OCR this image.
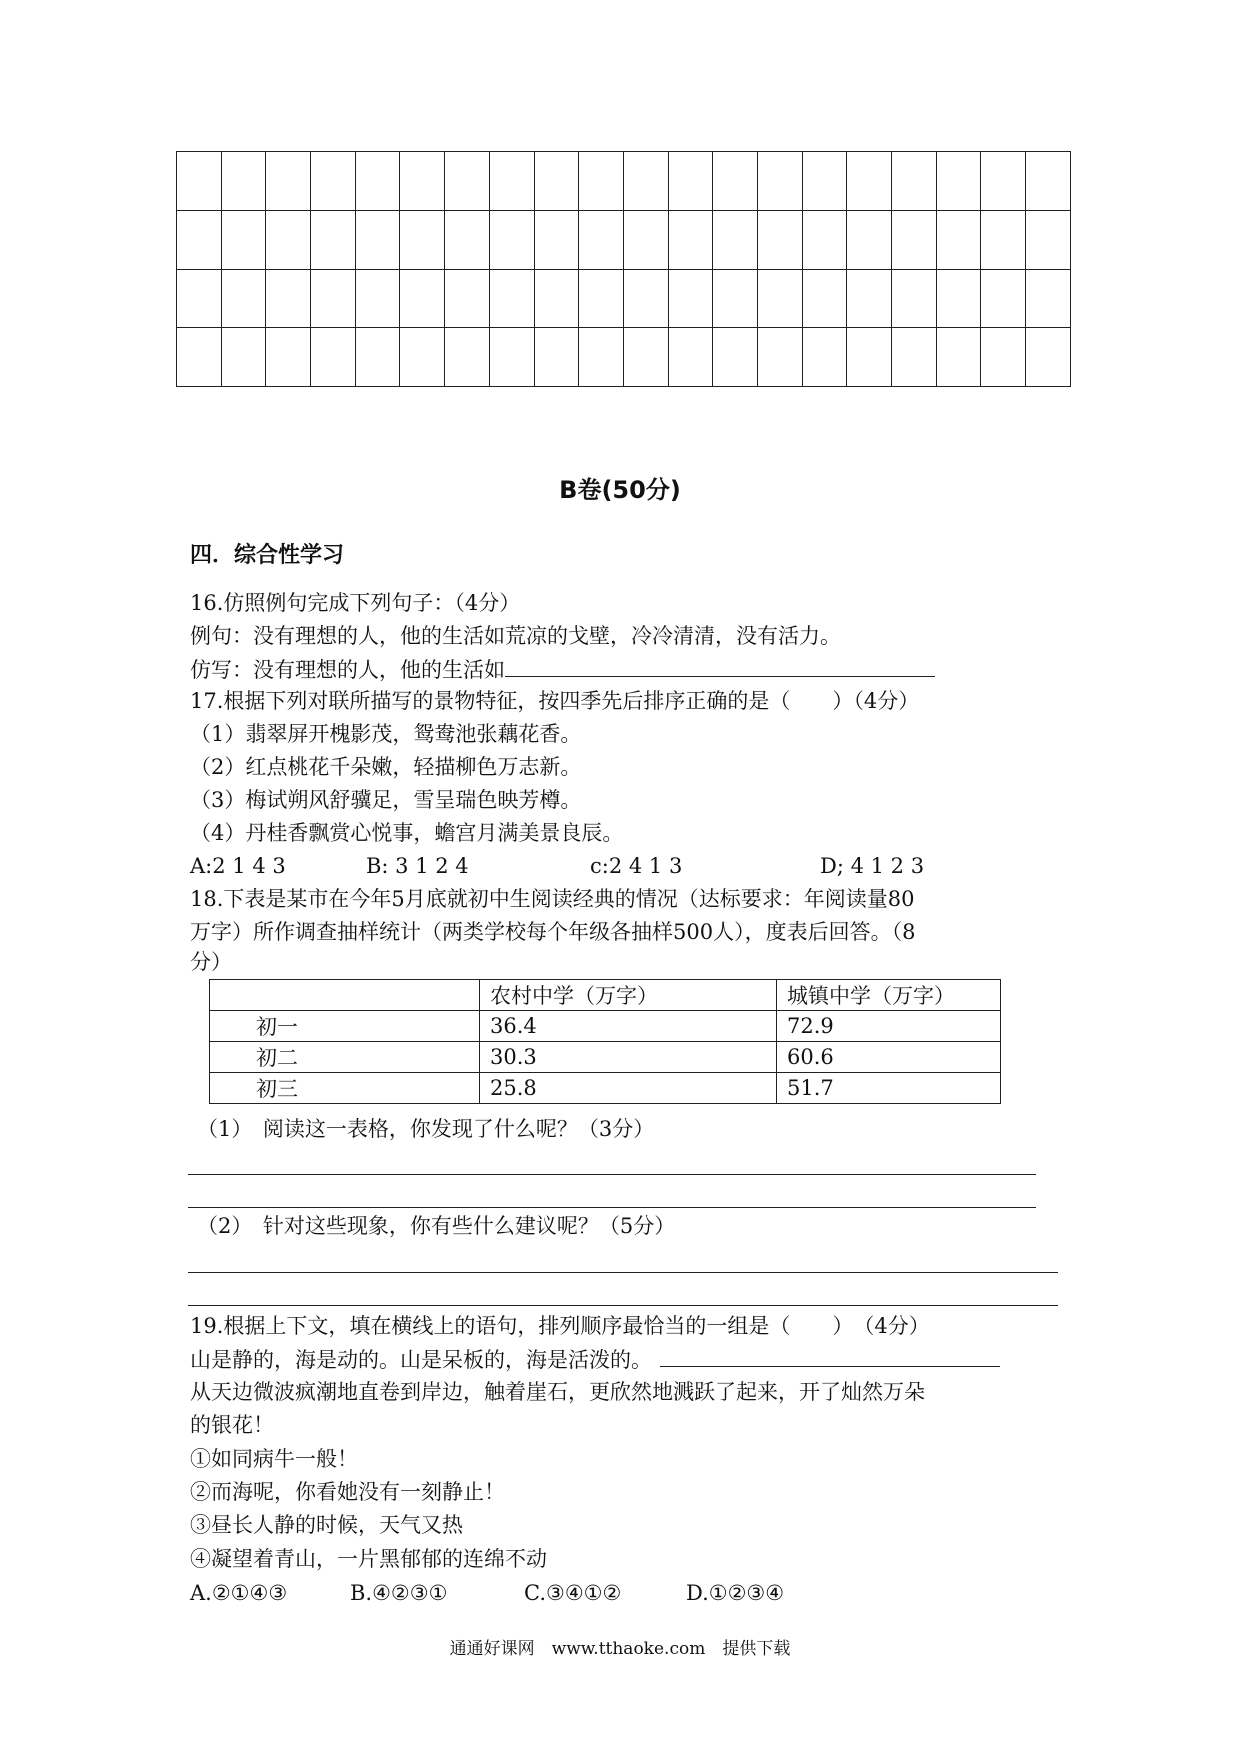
B卷(50分)
四．综合性学习
16.仿照例句完成下列句子：（4分）
例句：没有理想的人，他的生活如荒凉的戈壁，冷冷清清，没有活力。
仿写：没有理想的人，他的生活如
17.根据下列对联所描写的景物特征，按四季先后排序正确的是（　　）（4分）
（1）翡翠屏开槐影茂，鸳鸯池张藕花香。
（2）红点桃花千朵嫩，轻描柳色万志新。
（3）梅试朔风舒骥足，雪呈瑞色映芳樽。
（4）丹桂香飘赏心悦事，蟾宫月满美景良辰。
A:2 1 4 3	B: 3 1 2 4	c:2 4 1 3	D; 4 1 2 3
18.下表是某市在今年5月底就初中生阅读经典的情况（达标要求：年阅读量80
万字）所作调查抽样统计（两类学校每个年级各抽样500人），度表后回答。（8
分）
	农村中学（万字）	城镇中学（万字）
初一	36.4	72.9
初二	30.3	60.6
初三	25.8	51.7
（1）　阅读这一表格，你发现了什么呢？（3分）
（2）　针对这些现象，你有些什么建议呢？（5分）
19.根据上下文，填在横线上的语句，排列顺序最恰当的一组是（　　）　（4分）
山是静的，海是动的。山是呆板的，海是活泼的。
从天边微波疯潮地直卷到岸边，触着崖石，更欣然地溅跃了起来，开了灿然万朵
的银花！
①如同病牛一般！
②而海呢，你看她没有一刻静止！
③昼长人静的时候，天气又热
④凝望着青山，一片黑郁郁的连绵不动
A.②①④③	B.④②③①	C.③④①②	D.①②③④
通通好课网　www.tthaoke.com　提供下载
